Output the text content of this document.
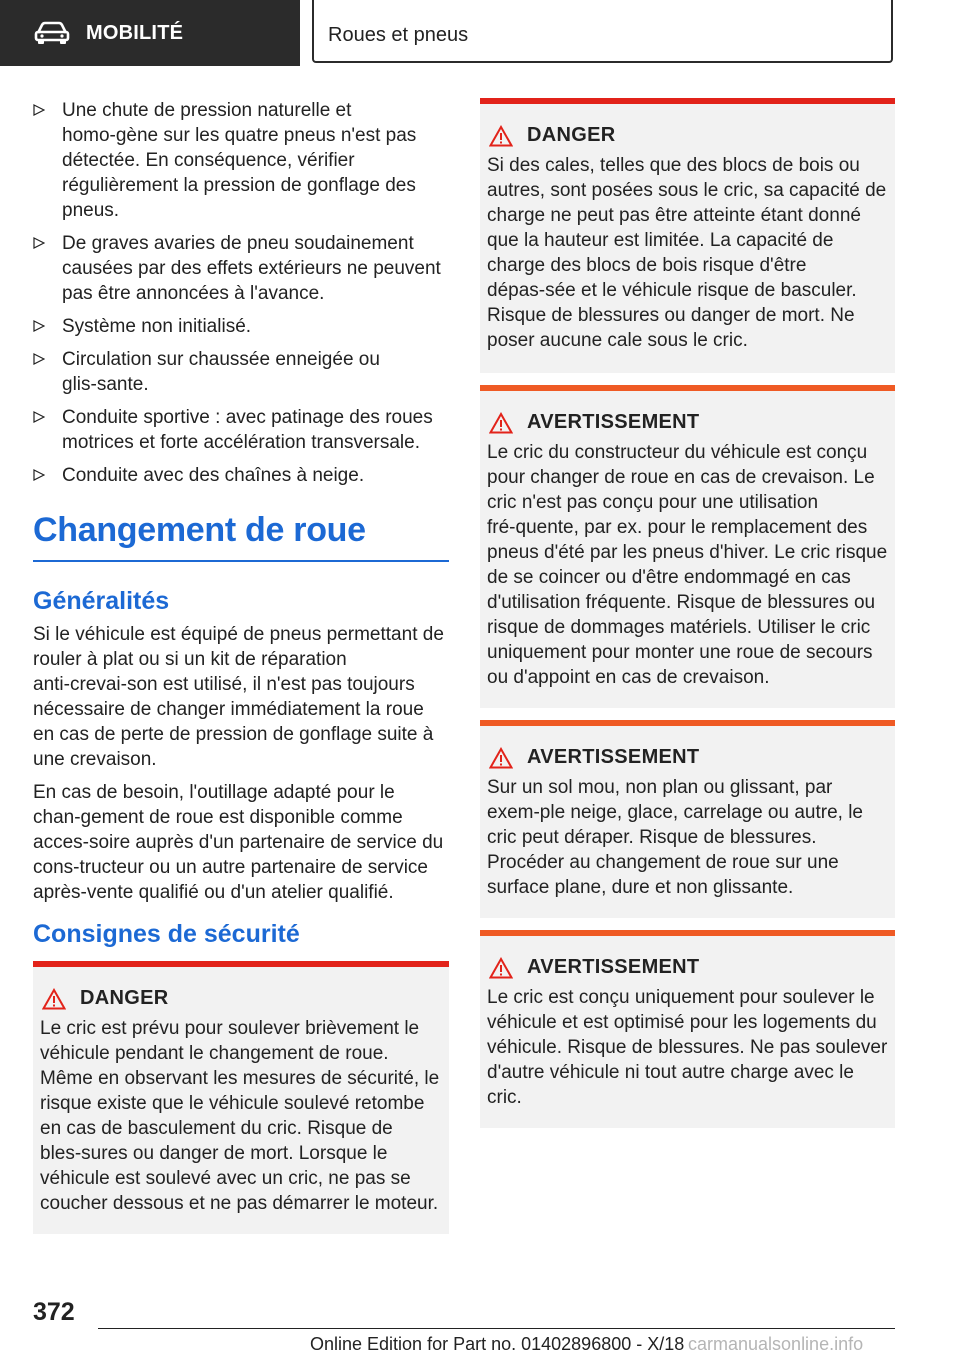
MOBILITÉ	Roues et pneus
Une chute de pression naturelle et homo‑gène sur les quatre pneus n'est pas détectée. En conséquence, vérifier régulièrement la pression de gonflage des pneus.
De graves avaries de pneu soudainement causées par des effets extérieurs ne peuvent pas être annoncées à l'avance.
Système non initialisé.
Circulation sur chaussée enneigée ou glis‑sante.
Conduite sportive : avec patinage des roues motrices et forte accélération transversale.
Conduite avec des chaînes à neige.
Changement de roue
Généralités

Si le véhicule est équipé de pneus permettant de rouler à plat ou si un kit de réparation anti‑crevai‑son est utilisé, il n'est pas toujours nécessaire de changer immédiatement la roue en cas de perte de pression de gonflage suite à une crevaison.

En cas de besoin, l'outillage adapté pour le chan‑gement de roue est disponible comme acces‑soire auprès d'un partenaire de service du cons‑tructeur ou un autre partenaire de service après‑vente qualifié ou d'un atelier qualifié.

Consignes de sécurité
DANGER

Le cric est prévu pour soulever brièvement le véhicule pendant le changement de roue. Même en observant les mesures de sécurité, le risque existe que le véhicule soulevé retombe en cas de basculement du cric. Risque de bles‑sures ou danger de mort. Lorsque le véhicule est soulevé avec un cric, ne pas se coucher dessous et ne pas démarrer le moteur.

DANGER

Si des cales, telles que des blocs de bois ou autres, sont posées sous le cric, sa capacité de charge ne peut pas être atteinte étant donné que la hauteur est limitée. La capacité de charge des blocs de bois risque d'être dépas‑sée et le véhicule risque de basculer. Risque de blessures ou danger de mort. Ne poser aucune cale sous le cric.

AVERTISSEMENT

Le cric du constructeur du véhicule est conçu pour changer de roue en cas de crevaison. Le cric n'est pas conçu pour une utilisation fré‑quente, par ex. pour le remplacement des pneus d'été par les pneus d'hiver. Le cric risque de se coincer ou d'être endommagé en cas d'utilisation fréquente. Risque de blessures ou risque de dommages matériels. Utiliser le cric uniquement pour monter une roue de secours ou d'appoint en cas de crevaison.

AVERTISSEMENT

Sur un sol mou, non plan ou glissant, par exem‑ple neige, glace, carrelage ou autre, le cric peut déraper. Risque de blessures. Procéder au changement de roue sur une surface plane, dure et non glissante.

AVERTISSEMENT

Le cric est conçu uniquement pour soulever le véhicule et est optimisé pour les logements du véhicule. Risque de blessures. Ne pas soulever d'autre véhicule ni tout autre charge avec le cric.

372
Online Edition for Part no. 01402896800 - X/18 carmanualsonline.info
